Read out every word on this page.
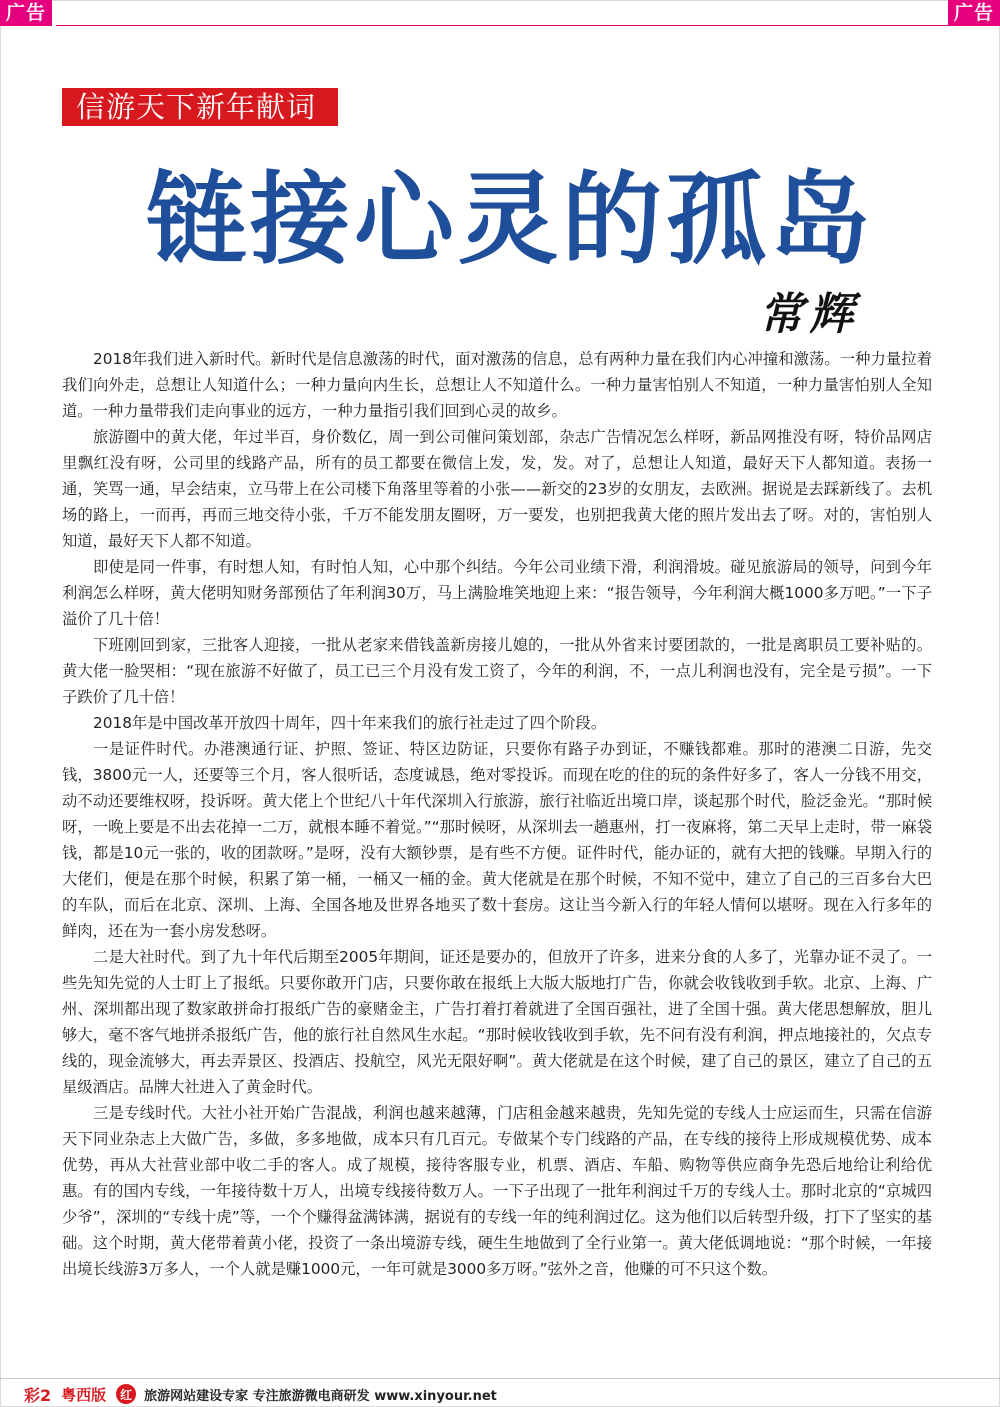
广告	广告
信游天下新年献词
链接心灵的孤岛
常辉

2018年我们进入新时代。新时代是信息激荡的时代，面对激荡的信息，总有两种力量在我们内心冲撞和激荡。一种力量拉着我们向外走，总想让人知道什么；一种力量向内生长，总想让人不知道什么。一种力量害怕别人不知道，一种力量害怕别人全知道。一种力量带我们走向事业的远方，一种力量指引我们回到心灵的故乡。

旅游圈中的黄大佬，年过半百，身价数亿，周一到公司催问策划部，杂志广告情况怎么样呀，新品网推没有呀，特价品网店里飘红没有呀，公司里的线路产品，所有的员工都要在微信上发，发，发。对了，总想让人知道，最好天下人都知道。表扬一通，笑骂一通，早会结束，立马带上在公司楼下角落里等着的小张——新交的23岁的女朋友，去欧洲。据说是去踩新线了。去机场的路上，一而再，再而三地交待小张，千万不能发朋友圈呀，万一要发，也别把我黄大佬的照片发出去了呀。对的，害怕别人知道，最好天下人都不知道。

即使是同一件事，有时想人知，有时怕人知，心中那个纠结。今年公司业绩下滑，利润滑坡。碰见旅游局的领导，问到今年利润怎么样呀，黄大佬明知财务部预估了年利润30万，马上满脸堆笑地迎上来：“报告领导，今年利润大概1000多万吧。”一下子溢价了几十倍！

下班刚回到家，三批客人迎接，一批从老家来借钱盖新房接儿媳的，一批从外省来讨要团款的，一批是离职员工要补贴的。黄大佬一脸哭相：“现在旅游不好做了，员工已三个月没有发工资了，今年的利润，不，一点儿利润也没有，完全是亏损”。一下子跌价了几十倍！

2018年是中国改革开放四十周年，四十年来我们的旅行社走过了四个阶段。

一是证件时代。办港澳通行证、护照、签证、特区边防证，只要你有路子办到证，不赚钱都难。那时的港澳二日游，先交钱，3800元一人，还要等三个月，客人很听话，态度诚恳，绝对零投诉。而现在吃的住的玩的条件好多了，客人一分钱不用交，动不动还要维权呀，投诉呀。黄大佬上个世纪八十年代深圳入行旅游，旅行社临近出境口岸，谈起那个时代，脸泛金光。“那时候呀，一晚上要是不出去花掉一二万，就根本睡不着觉。”“那时候呀，从深圳去一趟惠州，打一夜麻将，第二天早上走时，带一麻袋钱，都是10元一张的，收的团款呀。”是呀，没有大额钞票，是有些不方便。证件时代，能办证的，就有大把的钱赚。早期入行的大佬们，便是在那个时候，积累了第一桶，一桶又一桶的金。黄大佬就是在那个时候，不知不觉中，建立了自己的三百多台大巴的车队，而后在北京、深圳、上海、全国各地及世界各地买了数十套房。这让当今新入行的年轻人情何以堪呀。现在入行多年的鲜肉，还在为一套小房发愁呀。

二是大社时代。到了九十年代后期至2005年期间，证还是要办的，但放开了许多，进来分食的人多了，光靠办证不灵了。一些先知先觉的人士盯上了报纸。只要你敢开门店，只要你敢在报纸上大版大版地打广告，你就会收钱收到手软。北京、上海、广州、深圳都出现了数家敢拼命打报纸广告的豪赌金主，广告打着打着就进了全国百强社，进了全国十强。黄大佬思想解放，胆儿够大，毫不客气地拼杀报纸广告，他的旅行社自然风生水起。“那时候收钱收到手软，先不问有没有利润，押点地接社的，欠点专线的，现金流够大，再去弄景区、投酒店、投航空，风光无限好啊”。黄大佬就是在这个时候，建了自己的景区，建立了自己的五星级酒店。品牌大社进入了黄金时代。

三是专线时代。大社小社开始广告混战，利润也越来越薄，门店租金越来越贵，先知先觉的专线人士应运而生，只需在信游天下同业杂志上大做广告，多做，多多地做，成本只有几百元。专做某个专门线路的产品，在专线的接待上形成规模优势、成本优势，再从大社营业部中收二手的客人。成了规模，接待客服专业，机票、酒店、车船、购物等供应商争先恐后地给让利给优惠。有的国内专线，一年接待数十万人，出境专线接待数万人。一下子出现了一批年利润过千万的专线人士。那时北京的“京城四少爷”，深圳的“专线十虎”等，一个个赚得盆满钵满，据说有的专线一年的纯利润过亿。这为他们以后转型升级，打下了坚实的基础。这个时期，黄大佬带着黄小佬，投资了一条出境游专线，硬生生地做到了全行业第一。黄大佬低调地说：“那个时候，一年接出境长线游3万多人，一个人就是赚1000元，一年可就是3000多万呀。”弦外之音，他赚的可不只这个数。

彩2 粤西版	红 旅游网站建设专家 专注旅游微电商研发 www.xinyour.net
